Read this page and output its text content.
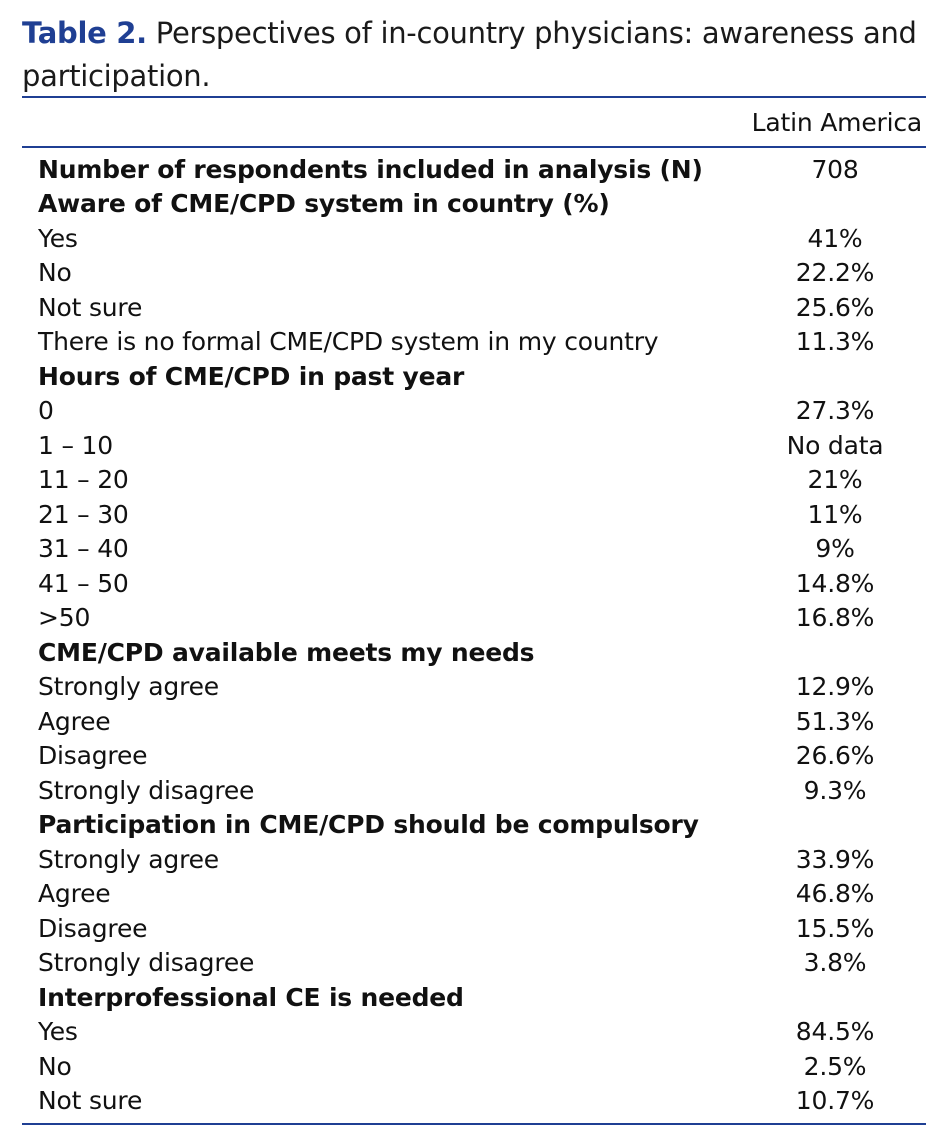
Table 2. Perspectives of in-country physicians: awareness and participation.
Latin America
Number of respondents included in analysis (N)	708
Aware of CME/CPD system in country (%)
Yes	41%
No	22.2%
Not sure	25.6%
There is no formal CME/CPD system in my country	11.3%
Hours of CME/CPD in past year
0	27.3%
1 – 10	No data
11 – 20	21%
21 – 30	11%
31 – 40	9%
41 – 50	14.8%
>50	16.8%
CME/CPD available meets my needs
Strongly agree	12.9%
Agree	51.3%
Disagree	26.6%
Strongly disagree	9.3%
Participation in CME/CPD should be compulsory
Strongly agree	33.9%
Agree	46.8%
Disagree	15.5%
Strongly disagree	3.8%
Interprofessional CE is needed
Yes	84.5%
No	2.5%
Not sure	10.7%
